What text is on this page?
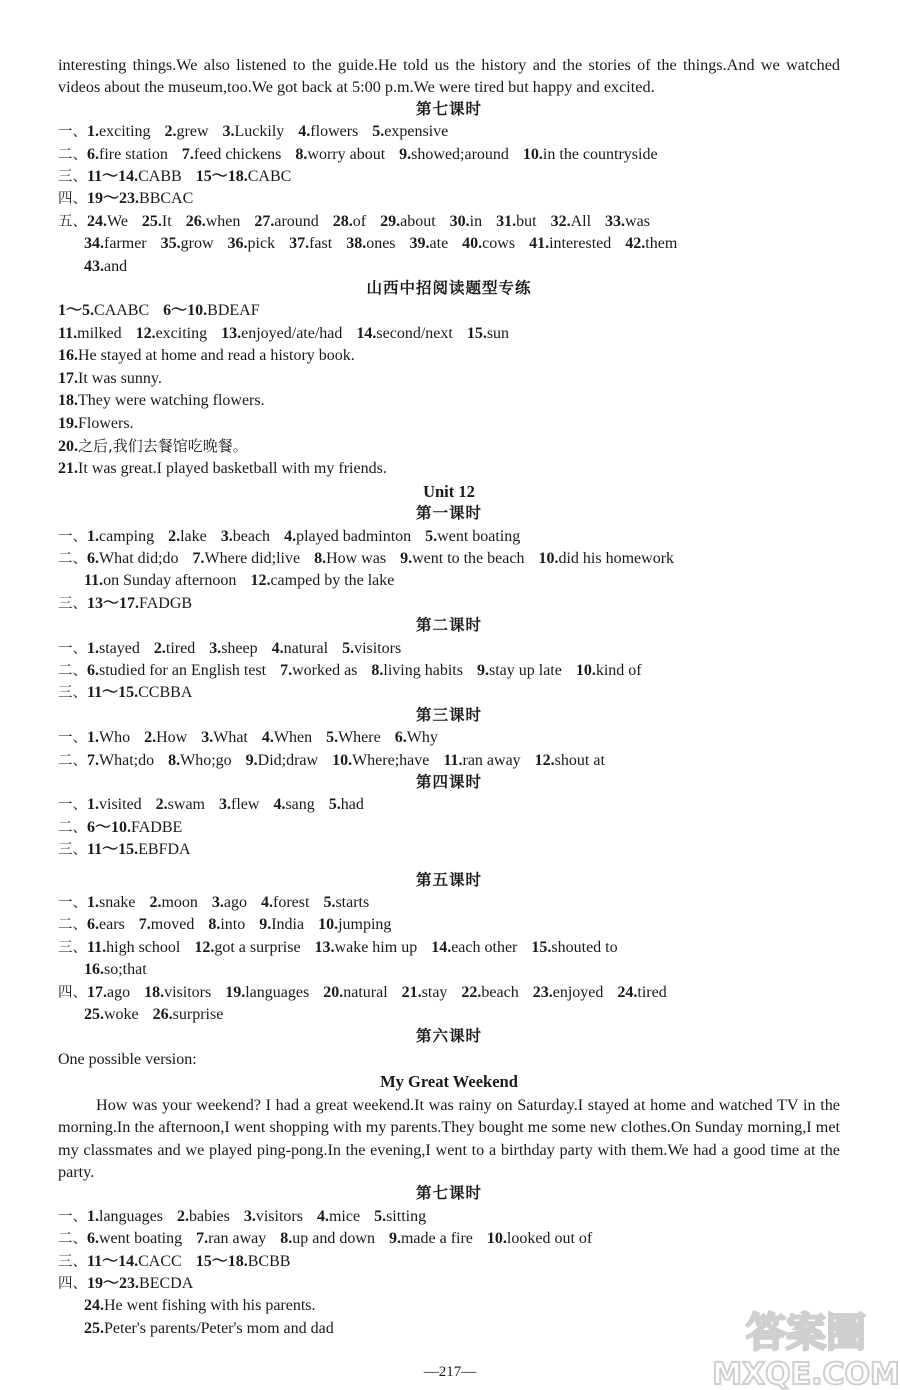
interesting things.We also listened to the guide.He told us the history and the stories of the things.And we watched videos about the museum,too.We got back at 5:00 p.m.We were tired but happy and excited.
第七课时
一、1.exciting 2.grew 3.Luckily 4.flowers 5.expensive
二、6.fire station 7.feed chickens 8.worry about 9.showed;around 10.in the countryside
三、11～14.CABB 15～18.CABC
四、19～23.BBCAC
五、24.We 25.It 26.when 27.around 28.of 29.about 30.in 31.but 32.All 33.was
34.farmer 35.grow 36.pick 37.fast 38.ones 39.ate 40.cows 41.interested 42.them
43.and
山西中招阅读题型专练
1～5.CAABC 6～10.BDEAF
11.milked 12.exciting 13.enjoyed/ate/had 14.second/next 15.sun
16.He stayed at home and read a history book.
17.It was sunny.
18.They were watching flowers.
19.Flowers.
20.之后,我们去餐馆吃晚餐。
21.It was great.I played basketball with my friends.
Unit 12
第一课时
一、1.camping 2.lake 3.beach 4.played badminton 5.went boating
二、6.What did;do 7.Where did;live 8.How was 9.went to the beach 10.did his homework
11.on Sunday afternoon 12.camped by the lake
三、13～17.FADGB
第二课时
一、1.stayed 2.tired 3.sheep 4.natural 5.visitors
二、6.studied for an English test 7.worked as 8.living habits 9.stay up late 10.kind of
三、11～15.CCBBA
第三课时
一、1.Who 2.How 3.What 4.When 5.Where 6.Why
二、7.What;do 8.Who;go 9.Did;draw 10.Where;have 11.ran away 12.shout at
第四课时
一、1.visited 2.swam 3.flew 4.sang 5.had
二、6～10.FADBE
三、11～15.EBFDA
第五课时
一、1.snake 2.moon 3.ago 4.forest 5.starts
二、6.ears 7.moved 8.into 9.India 10.jumping
三、11.high school 12.got a surprise 13.wake him up 14.each other 15.shouted to
16.so;that
四、17.ago 18.visitors 19.languages 20.natural 21.stay 22.beach 23.enjoyed 24.tired
25.woke 26.surprise
第六课时
One possible version:
My Great Weekend
How was your weekend? I had a great weekend.It was rainy on Saturday.I stayed at home and watched TV in the morning.In the afternoon,I went shopping with my parents.They bought me some new clothes.On Sunday morning,I met my classmates and we played ping-pong.In the evening,I went to a birthday party with them.We had a good time at the party.
第七课时
一、1.languages 2.babies 3.visitors 4.mice 5.sitting
二、6.went boating 7.ran away 8.up and down 9.made a fire 10.looked out of
三、11～14.CACC 15～18.BCBB
四、19～23.BECDA
24.He went fishing with his parents.
25.Peter's parents/Peter's mom and dad	答案圈
MXQE.COM
—217—
